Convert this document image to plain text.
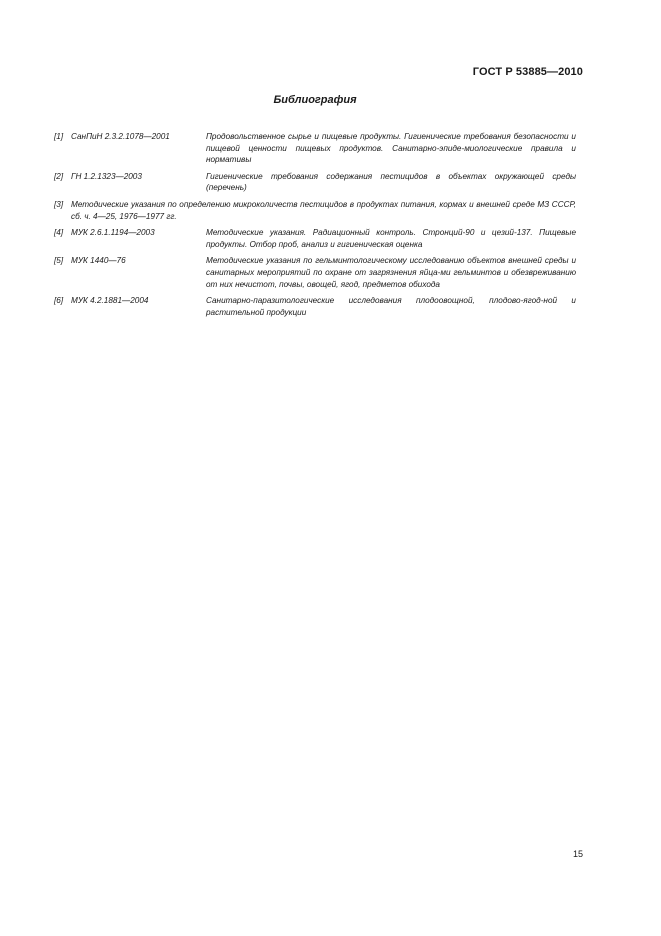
ГОСТ Р 53885—2010
Библиография
[1] СанПиН 2.3.2.1078—2001	Продовольственное сырье и пищевые продукты. Гигиенические требования безопасности и пищевой ценности пищевых продуктов. Санитарно-эпиде-миологические правила и нормативы
[2] ГН 1.2.1323—2003	Гигиенические требования содержания пестицидов в объектах окружающей среды (перечень)
[3] Методические указания по определению микроколичеств пестицидов в продуктах питания, кормах и внешней среде МЗ СССР, сб. ч. 4—25, 1976—1977 гг.
[4] МУК 2.6.1.1194—2003	Методические указания. Радиационный контроль. Стронций-90 и цезий-137. Пищевые продукты. Отбор проб, анализ и гигиеническая оценка
[5] МУК 1440—76	Методические указания по гельминтологическому исследованию объектов внешней среды и санитарных мероприятий по охране от загрязнения яйца-ми гельминтов и обезвреживанию от них нечистот, почвы, овощей, ягод, предметов обихода
[6] МУК 4.2.1881—2004	Санитарно-паразитологические исследования плодоовощной, плодово-ягод-ной и растительной продукции
15
